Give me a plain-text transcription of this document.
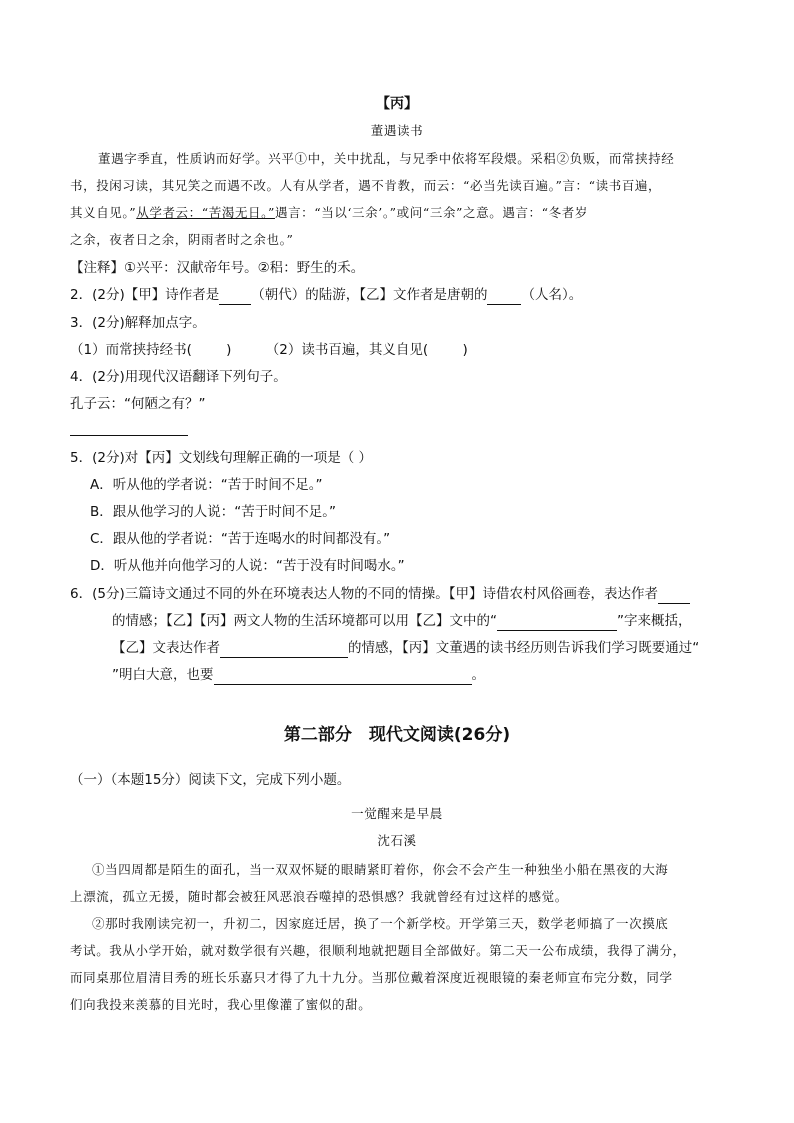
【丙】
董遇读书
董遇字季直，性质讷而好学。兴平①中，关中扰乱，与兄季中依将军段煨。采稆②负贩，而常挟持经
书，投闲习读，其兄笑之而遇不改。人有从学者，遇不肯教，而云：“必当先读百遍。”言：“读书百遍，
其义自见。”从学者云：“苦渴无日。”遇言：“当以‘三余’。”或问“三余”之意。遇言：“冬者岁
之余，夜者日之余，阴雨者时之余也。”
【注释】①兴平：汉献帝年号。②稆：野生的禾。
2．(2分)【甲】诗作者是 （朝代）的陆游，【乙】文作者是唐朝的	（人名）。
3．(2分)解释加点字。
（1）而常挟持经书(        )        （2）读书百遍，其义自见(        )
4．(2分)用现代汉语翻译下列句子。
孔子云：“何陋之有？”
5．(2分)对【丙】文划线句理解正确的一项是（ ）
A．听从他的学者说：“苦于时间不足。”
B．跟从他学习的人说：“苦于时间不足。”
C．跟从他的学者说：“苦于连喝水的时间都没有。”
D．听从他并向他学习的人说：“苦于没有时间喝水。”
6．(5分)三篇诗文通过不同的外在环境表达人物的不同的情操。【甲】诗借农村风俗画卷，表达作者
的情感；【乙】【丙】两文人物的生活环境都可以用【乙】文中的“	”字来概括，
【乙】文表达作者	的情感，【丙】文董遇的读书经历则告诉我们学习既要通过“
”明白大意，也要	。
第二部分　现代文阅读(26分)
（一）（本题15分）阅读下文，完成下列小题。
一觉醒来是早晨
沈石溪
①当四周都是陌生的面孔，当一双双怀疑的眼睛紧盯着你，你会不会产生一种独坐小船在黑夜的大海
上漂流，孤立无援，随时都会被狂风恶浪吞噬掉的恐惧感？我就曾经有过这样的感觉。
②那时我刚读完初一，升初二，因家庭迁居，换了一个新学校。开学第三天，数学老师搞了一次摸底
考试。我从小学开始，就对数学很有兴趣，很顺利地就把题目全部做好。第二天一公布成绩，我得了满分，
而同桌那位眉清目秀的班长乐嘉只才得了九十九分。当那位戴着深度近视眼镜的秦老师宣布完分数，同学
们向我投来羡慕的目光时，我心里像灌了蜜似的甜。
